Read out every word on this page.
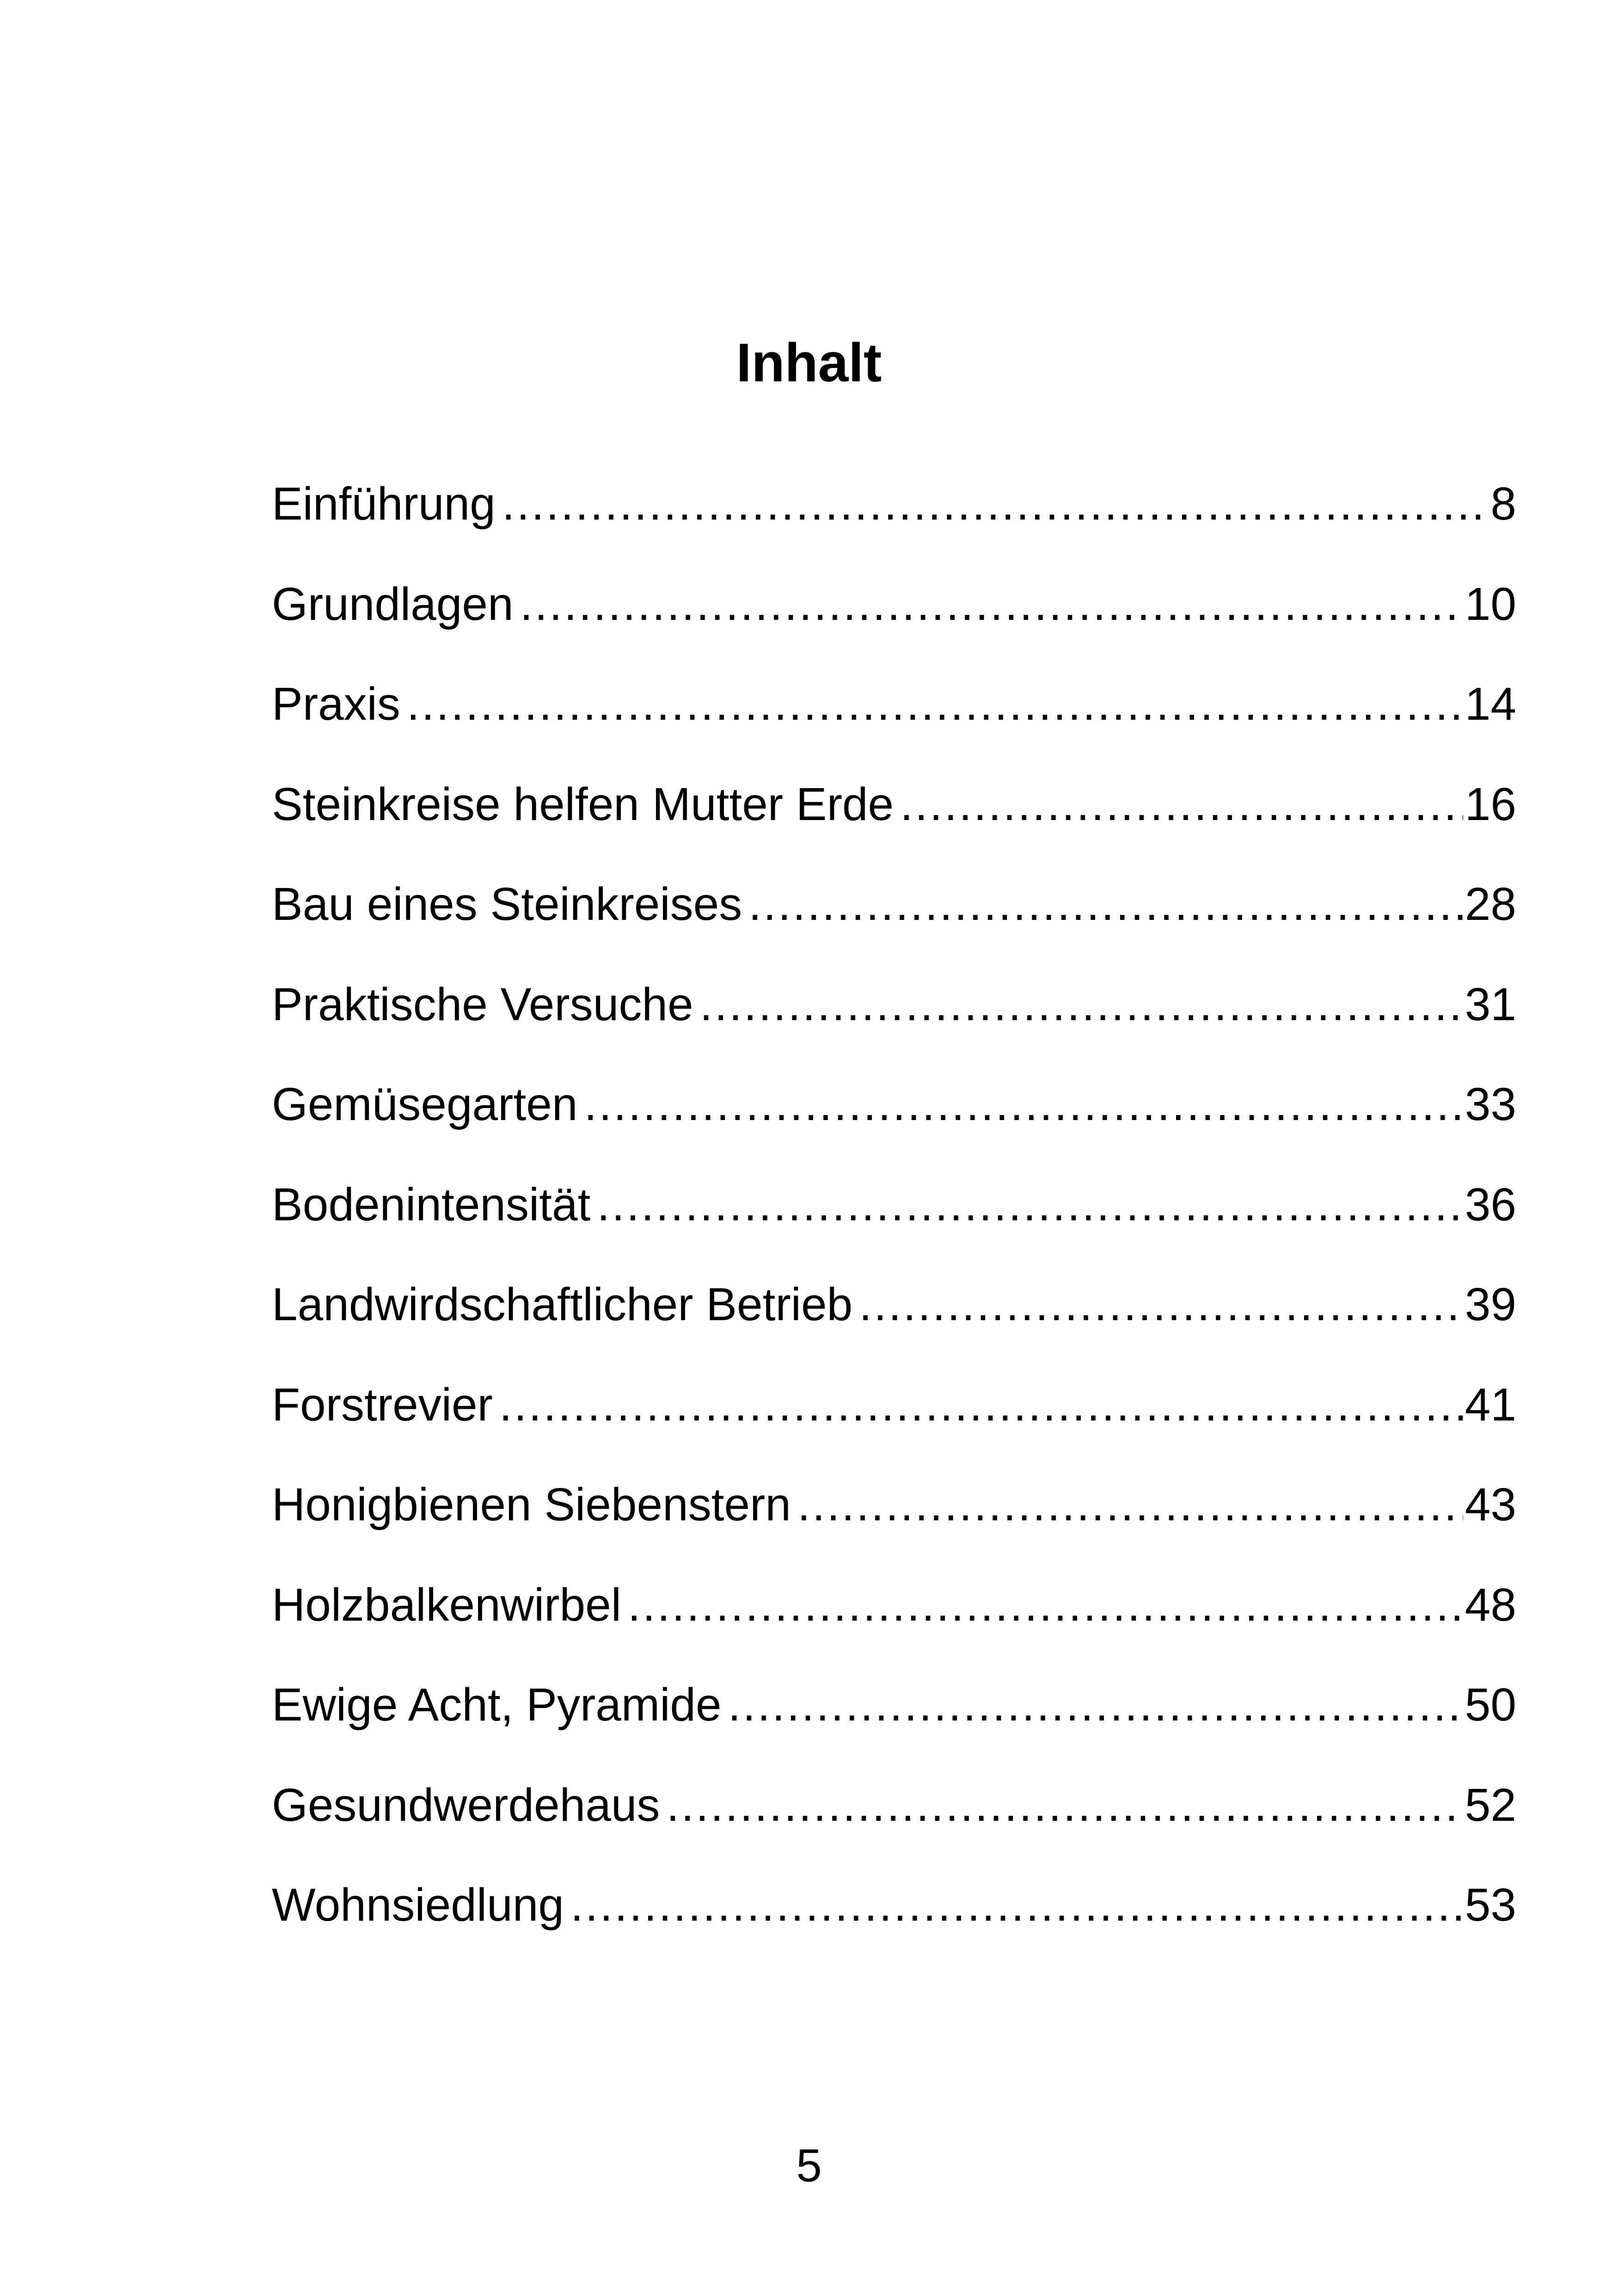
Inhalt
Einführung .....	8
Grundlagen .....	10
Praxis .....	14
Steinkreise helfen Mutter Erde .....	16
Bau eines Steinkreises .....	28
Praktische Versuche .....	31
Gemüsegarten .....	33
Bodenintensität .....	36
Landwirdschaftlicher Betrieb .....	39
Forstrevier .....	41
Honigbienen Siebenstern .....	43
Holzbalkenwirbel .....	48
Ewige Acht, Pyramide .....	50
Gesundwerdehaus .....	52
Wohnsiedlung .....	53
5
